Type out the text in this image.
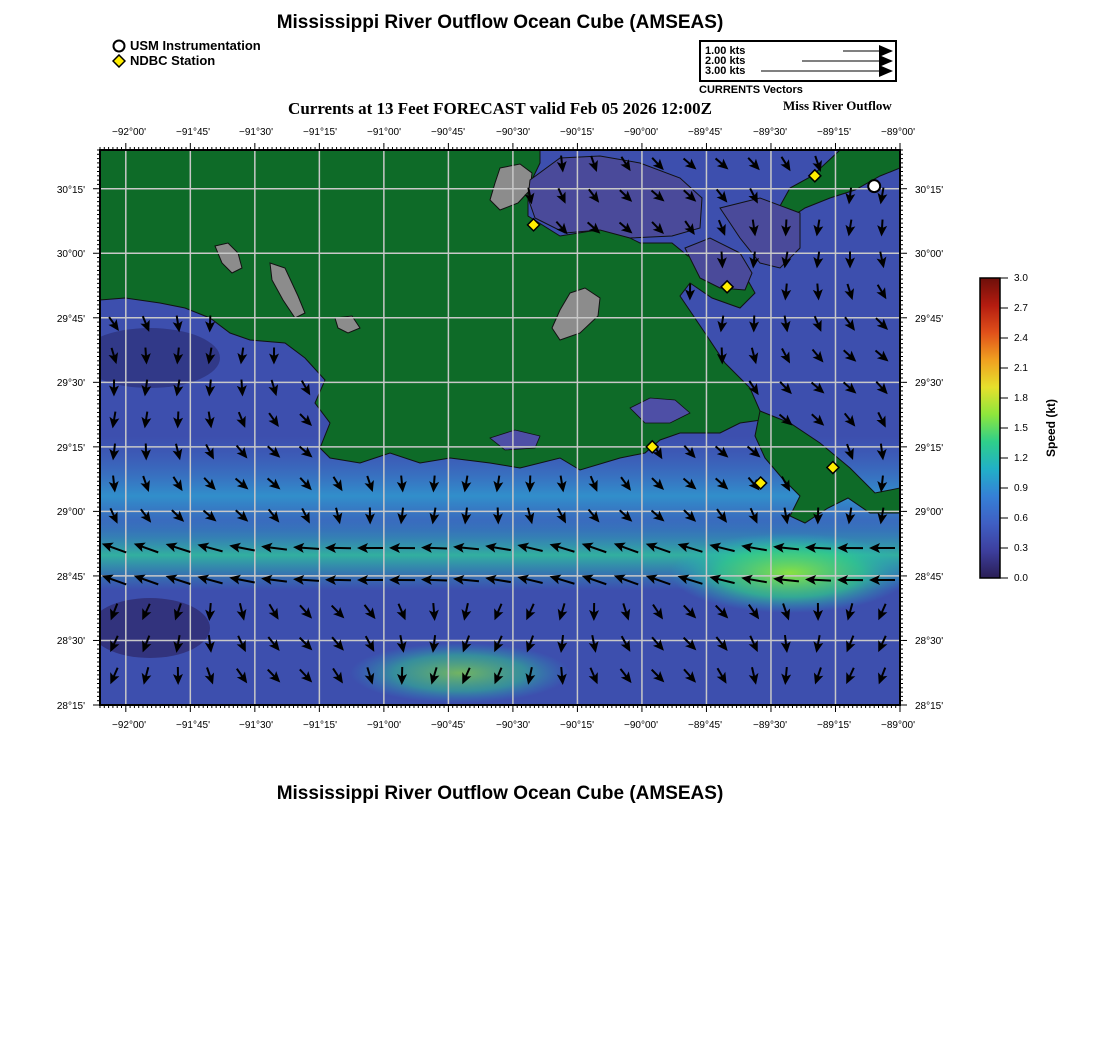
Mississippi River Outflow Ocean Cube (AMSEAS)
USM Instrumentation
NDBC Station
1.00 kts
2.00 kts
3.00 kts
CURRENTS Vectors
Currents at 13 Feet FORECAST valid Feb 05 2026 12:00Z	Miss River Outflow
−92°00'	−91°45'	−91°30'	−91°15'	−91°00'	−90°45'	−90°30'	−90°15'	−90°00'	−89°45'	−89°30'	−89°15'	−89°00'
−92°00'	−91°45'	−91°30'	−91°15'	−91°00'	−90°45'	−90°30'	−90°15'	−90°00'	−89°45'	−89°30'	−89°15'	−89°00'
30°15'
30°00'
29°45'
29°30'
29°15'
29°00'
28°45'
28°30'
28°15'
30°15'
30°00'
29°45'
29°30'
29°15'
29°00'
28°45'
28°30'
28°15'
3.0
2.7
2.4
2.1
1.8
1.5
1.2
0.9
0.6
0.3
0.0
Speed (kt)
Mississippi River Outflow Ocean Cube (AMSEAS)
